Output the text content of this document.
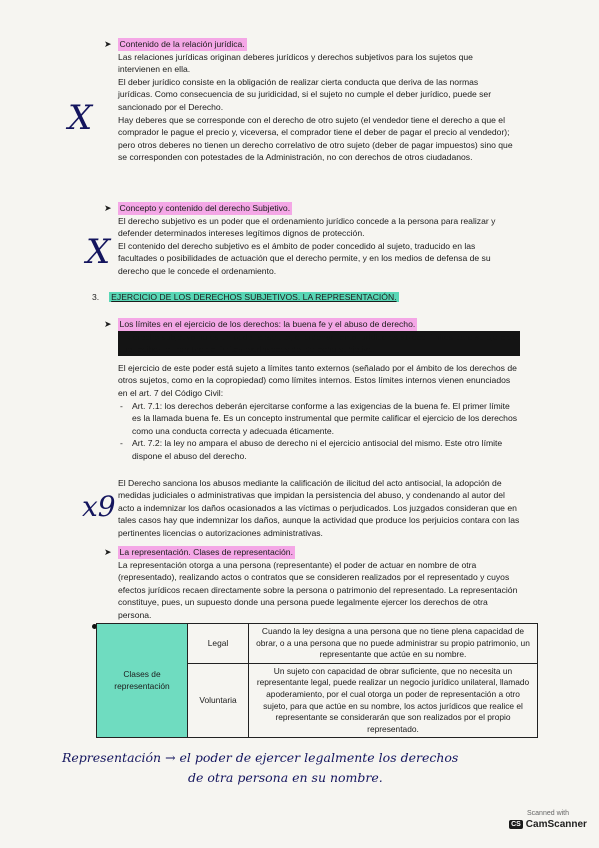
➤ Contenido de la relación jurídica.

Las relaciones jurídicas originan deberes jurídicos y derechos subjetivos para los sujetos que intervienen en ella.

El deber jurídico consiste en la obligación de realizar cierta conducta que deriva de las normas jurídicas. Como consecuencia de su juridicidad, si el sujeto no cumple el deber jurídico, puede ser sancionado por el Derecho.

Hay deberes que se corresponde con el derecho de otro sujeto (el vendedor tiene el derecho a que el comprador le pague el precio y, viceversa, el comprador tiene el deber de pagar el precio al vendedor); pero otros deberes no tienen un derecho correlativo de otro sujeto (deber de pagar impuestos) sino que se corresponden con potestades de la Administración, no con derechos de otros ciudadanos.

➤ Concepto y contenido del derecho Subjetivo.

El derecho subjetivo es un poder que el ordenamiento jurídico concede a la persona para realizar y defender determinados intereses legítimos dignos de protección.

El contenido del derecho subjetivo es el ámbito de poder concedido al sujeto, traducido en las facultades o posibilidades de actuación que el derecho permite, y en los medios de defensa de su derecho que le concede el ordenamiento.

3. EJERCICIO DE LOS DERECHOS SUBJETIVOS. LA REPRESENTACIÓN.
➤ Los límites en el ejercicio de los derechos: la buena fe y el abuso de derecho.

El derecho subjetivo no es un poder absoluto, el ordenamiento jurídico establece límites para su ejercicio que reciben el nombre de límites extrínsecos del derecho subjetivo.

El ejercicio de este poder está sujeto a límites tanto externos (señalado por el ámbito de los derechos de otros sujetos, como en la copropiedad) como límites internos. Estos límites internos vienen enunciados en el art. 7 del Código Civil:

- Art. 7.1: los derechos deberán ejercitarse conforme a las exigencias de la buena fe. El primer límite es la llamada buena fe. Es un concepto instrumental que permite calificar el ejercicio de los derechos como una conducta correcta y adecuada éticamente.
- Art. 7.2: la ley no ampara el abuso de derecho ni el ejercicio antisocial del mismo. Este otro límite dispone el abuso del derecho.

El Derecho sanciona los abusos mediante la calificación de ilicitud del acto antisocial, la adopción de medidas judiciales o administrativas que impidan la persistencia del abuso, y condenando al autor del acto a indemnizar los daños ocasionados a las víctimas o perjudicados. Los juzgados consideran que en tales casos hay que indemnizar los daños, aunque la actividad que produce los perjuicios contara con las pertinentes licencias o autorizaciones administrativas.

➤ La representación. Clases de representación.

La representación otorga a una persona (representante) el poder de actuar en nombre de otra (representado), realizando actos o contratos que se consideren realizados por el representado y cuyos efectos jurídicos recaen directamente sobre la persona o patrimonio del representado. La representación constituye, pues, un supuesto donde una persona puede legalmente ejercer los derechos de otra persona.

Clases de representación	Legal	Cuando la ley designa a una persona que no tiene plena capacidad de obrar, o a una persona que no puede administrar su propio patrimonio, un representante que actúe en su nombre.
	Voluntaria	Un sujeto con capacidad de obrar suficiente, que no necesita un representante legal, puede realizar un negocio jurídico unilateral, llamado apoderamiento, por el cual otorga un poder de representación a otro sujeto, para que actúe en su nombre, los actos jurídicos que realice el representante se considerarán que son realizados por el propio representado.
X
X
x9
Representación → el poder de ejercer legalmente los derechos
de otra persona en su nombre.
Scanned with
CS CamScanner
